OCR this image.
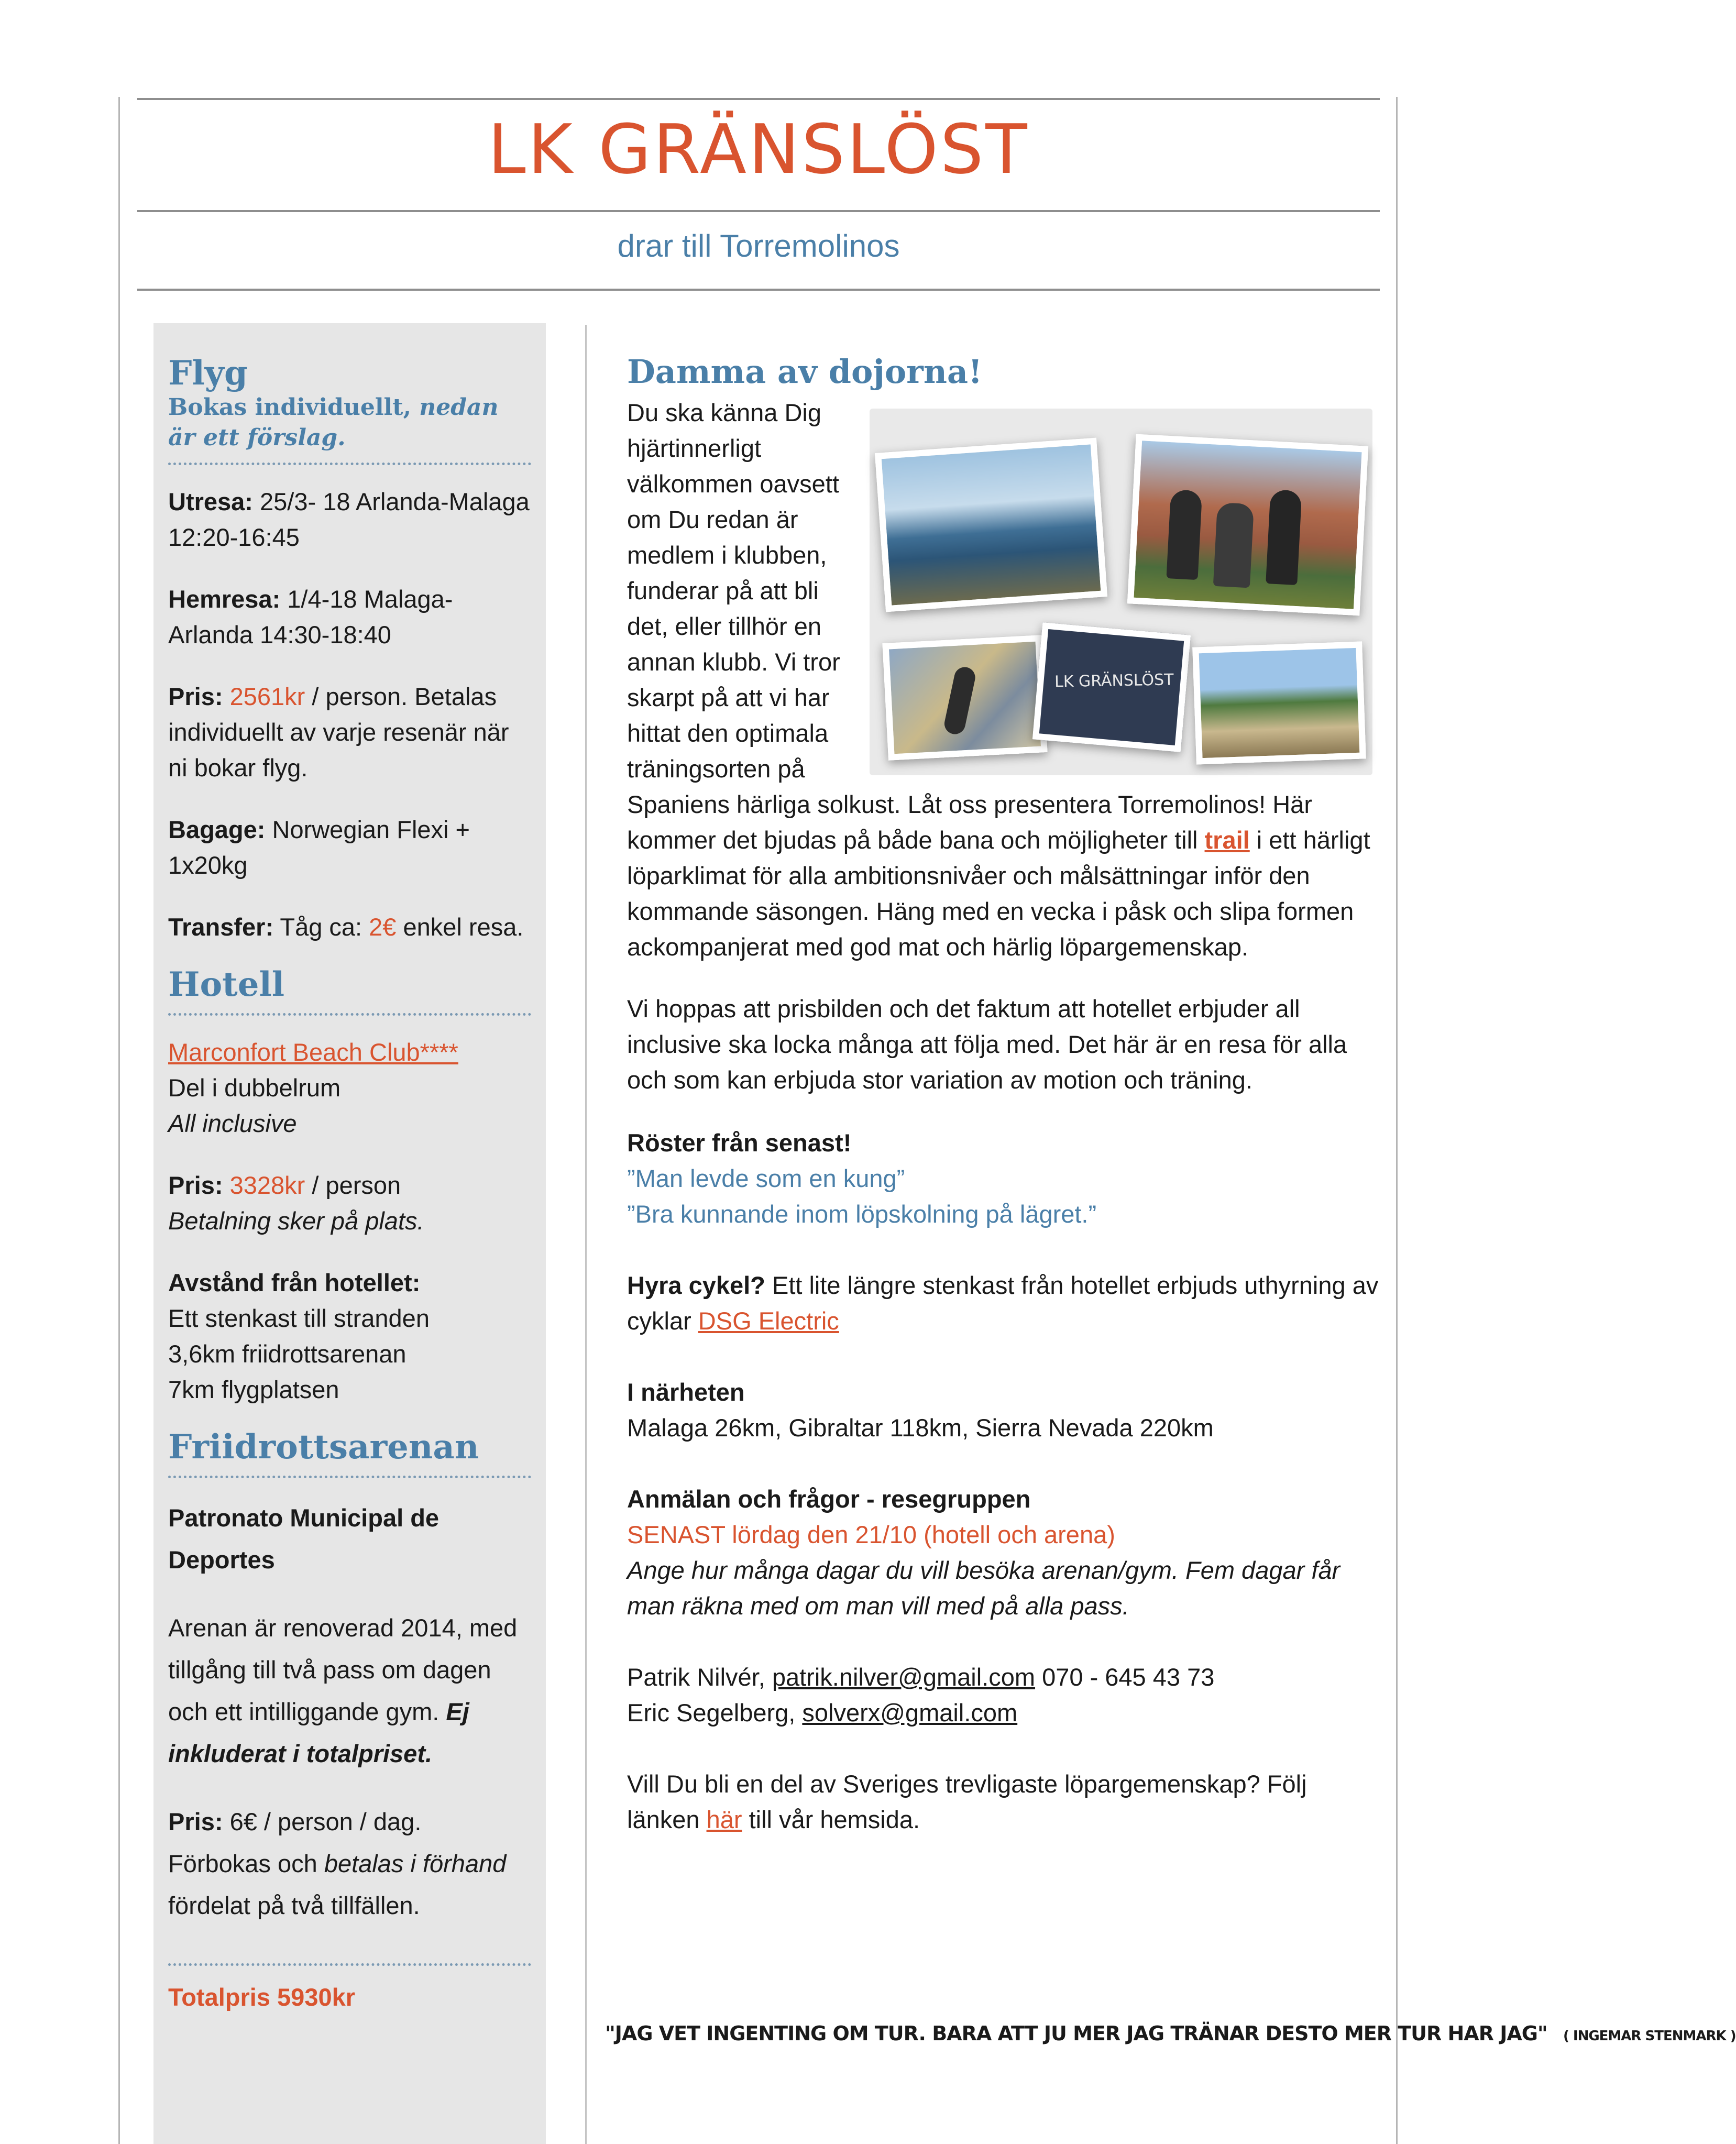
LK GRÄNSLÖST
drar till Torremolinos
Flyg
Bokas individuellt, nedan är ett förslag.

Utresa: 25/3- 18 Arlanda-Malaga 12:20-16:45

Hemresa: 1/4-18 Malaga-Arlanda 14:30-18:40

Pris: 2561kr / person. Betalas individuellt av varje resenär när ni bokar flyg.

Bagage: Norwegian Flexi + 1x20kg

Transfer: Tåg ca: 2€ enkel resa.

Hotell

Marconfort Beach Club****
Del i dubbelrum
All inclusive

Pris: 3328kr / person
Betalning sker på plats.

Avstånd från hotellet:
Ett stenkast till stranden
3,6km friidrottsarenan
7km flygplatsen

Friidrottsarenan

Patronato Municipal de Deportes

Arenan är renoverad 2014, med tillgång till två pass om dagen och ett intilliggande gym. Ej inkluderat i totalpriset.

Pris: 6€ / person / dag.
Förbokas och betalas i förhand fördelat på två tillfällen.

Totalpris 5930kr
LK GRÄNSLÖST
Damma av dojorna!

Du ska känna Dig hjärtinnerligt välkommen oavsett om Du redan är medlem i klubben, funderar på att bli det, eller tillhör en annan klubb. Vi tror skarpt på att vi har hittat den optimala träningsorten på

Spaniens härliga solkust. Låt oss presentera Torremolinos! Här kommer det bjudas på både bana och möjligheter till trail i ett härligt löparklimat för alla ambitionsnivåer och målsättningar inför den kommande säsongen. Häng med en vecka i påsk och slipa formen ackompanjerat med god mat och härlig löpargemenskap.

Vi hoppas att prisbilden och det faktum att hotellet erbjuder all inclusive ska locka många att följa med. Det här är en resa för alla och som kan erbjuda stor variation av motion och träning.

Röster från senast!
”Man levde som en kung”
”Bra kunnande inom löpskolning på lägret.”

Hyra cykel? Ett lite längre stenkast från hotellet erbjuds uthyrning av cyklar DSG Electric

I närheten
Malaga 26km, Gibraltar 118km, Sierra Nevada 220km

Anmälan och frågor - resegruppen
SENAST lördag den 21/10 (hotell och arena)
Ange hur många dagar du vill besöka arenan/gym. Fem dagar får man räkna med om man vill med på alla pass.

Patrik Nilvér, patrik.nilver@gmail.com 070 - 645 43 73
Eric Segelberg, solverx@gmail.com

Vill Du bli en del av Sveriges trevligaste löpargemenskap? Följ länken här till vår hemsida.

"JAG VET INGENTING OM TUR. BARA ATT JU MER JAG TRÄNAR DESTO MER TUR HAR JAG" ( INGEMAR STENMARK )
